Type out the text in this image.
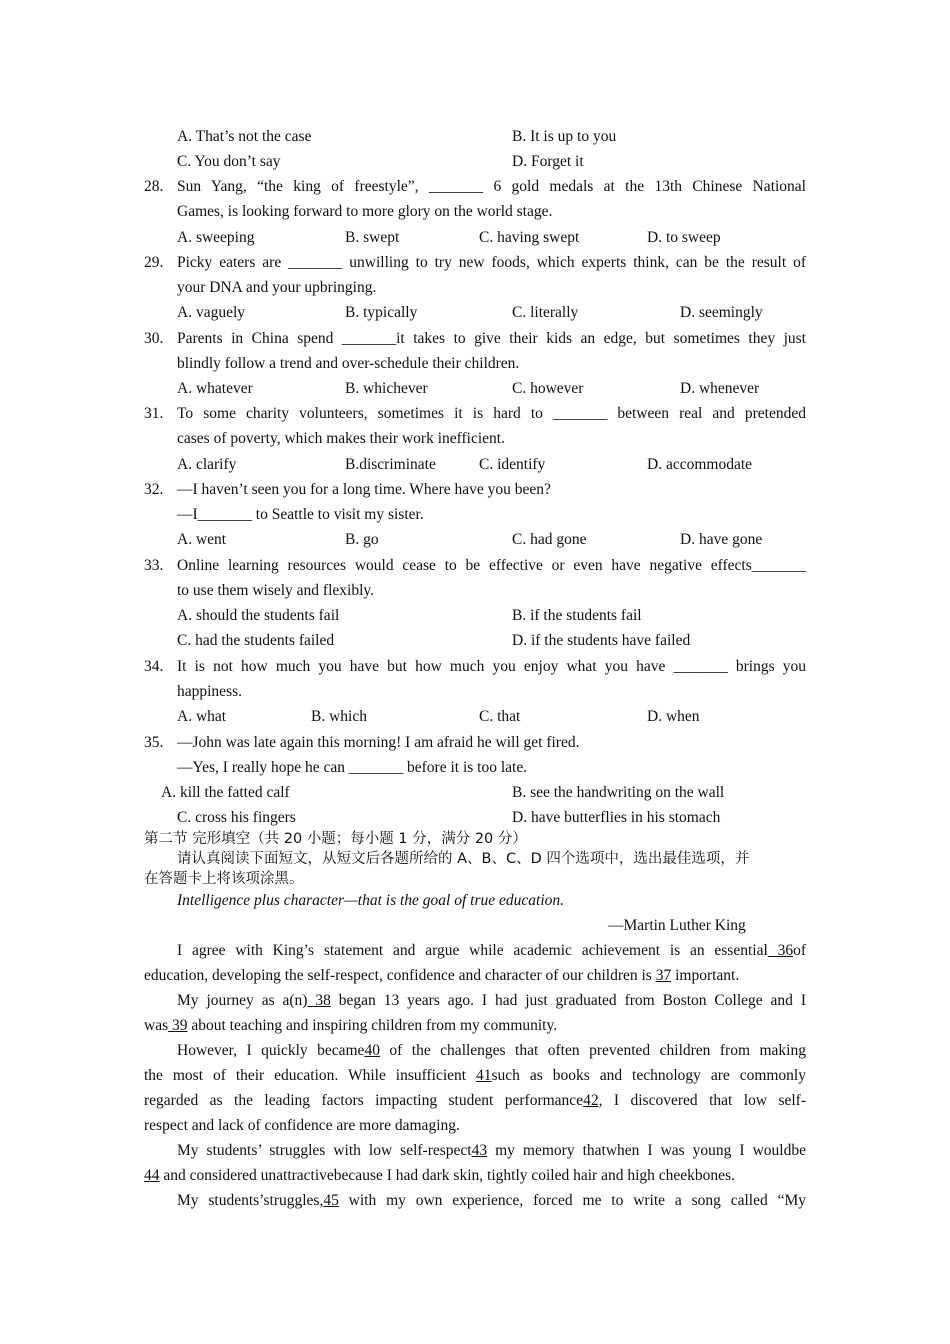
A. That’s not the case	B. It is up to you
C. You don’t say	D. Forget it
28. Sun Yang, “the king of freestyle”, _______ 6 gold medals at the 13th Chinese National
Games, is looking forward to more glory on the world stage.
A. sweeping	B. swept	C. having swept	D. to sweep
29. Picky eaters are _______ unwilling to try new foods, which experts think, can be the result of
your DNA and your upbringing.
A. vaguely	B. typically	C. literally	D. seemingly
30. Parents in China spend _______it takes to give their kids an edge, but sometimes they just
blindly follow a trend and over-schedule their children.
A. whatever	B. whichever	C. however	D. whenever
31. To some charity volunteers, sometimes it is hard to _______ between real and pretended
cases of poverty, which makes their work inefficient.
A. clarify	B.discriminate	C. identify	D. accommodate
32. —I haven’t seen you for a long time. Where have you been?
—I_______ to Seattle to visit my sister.
A. went	B. go	C. had gone	D. have gone
33. Online learning resources would cease to be effective or even have negative effects_______
to use them wisely and flexibly.
A. should the students fail	B. if the students fail
C. had the students failed	D. if the students have failed
34. It is not how much you have but how much you enjoy what you have _______ brings you
happiness.
A. what	B. which	C. that	D. when
35. —John was late again this morning! I am afraid he will get fired.
—Yes, I really hope he can _______ before it is too late.
A. kill the fatted calf	B. see the handwriting on the wall
C. cross his fingers	D. have butterflies in his stomach
第二节 完形填空（共 20 小题；每小题 1 分，满分 20 分）
请认真阅读下面短文，从短文后各题所给的 A、B、C、D 四个选项中，选出最佳选项，并
在答题卡上将该项涂黑。
Intelligence plus character—that is the goal of true education.
—Martin Luther King
I agree with King’s statement and argue while academic achievement is an essential 36of
education, developing the self-respect, confidence and character of our children is 37 important.
My journey as a(n) 38 began 13 years ago. I had just graduated from Boston College and I
was 39 about teaching and inspiring children from my community.
However, I quickly became40 of the challenges that often prevented children from making
the most of their education. While insufficient 41such as books and technology are commonly
regarded as the leading factors impacting student performance42, I discovered that low self-
respect and lack of confidence are more damaging.
My students’ struggles with low self-respect43 my memory thatwhen I was young I wouldbe
44 and considered unattractivebecause I had dark skin, tightly coiled hair and high cheekbones.
My students’struggles,45 with my own experience, forced me to write a song called “My
